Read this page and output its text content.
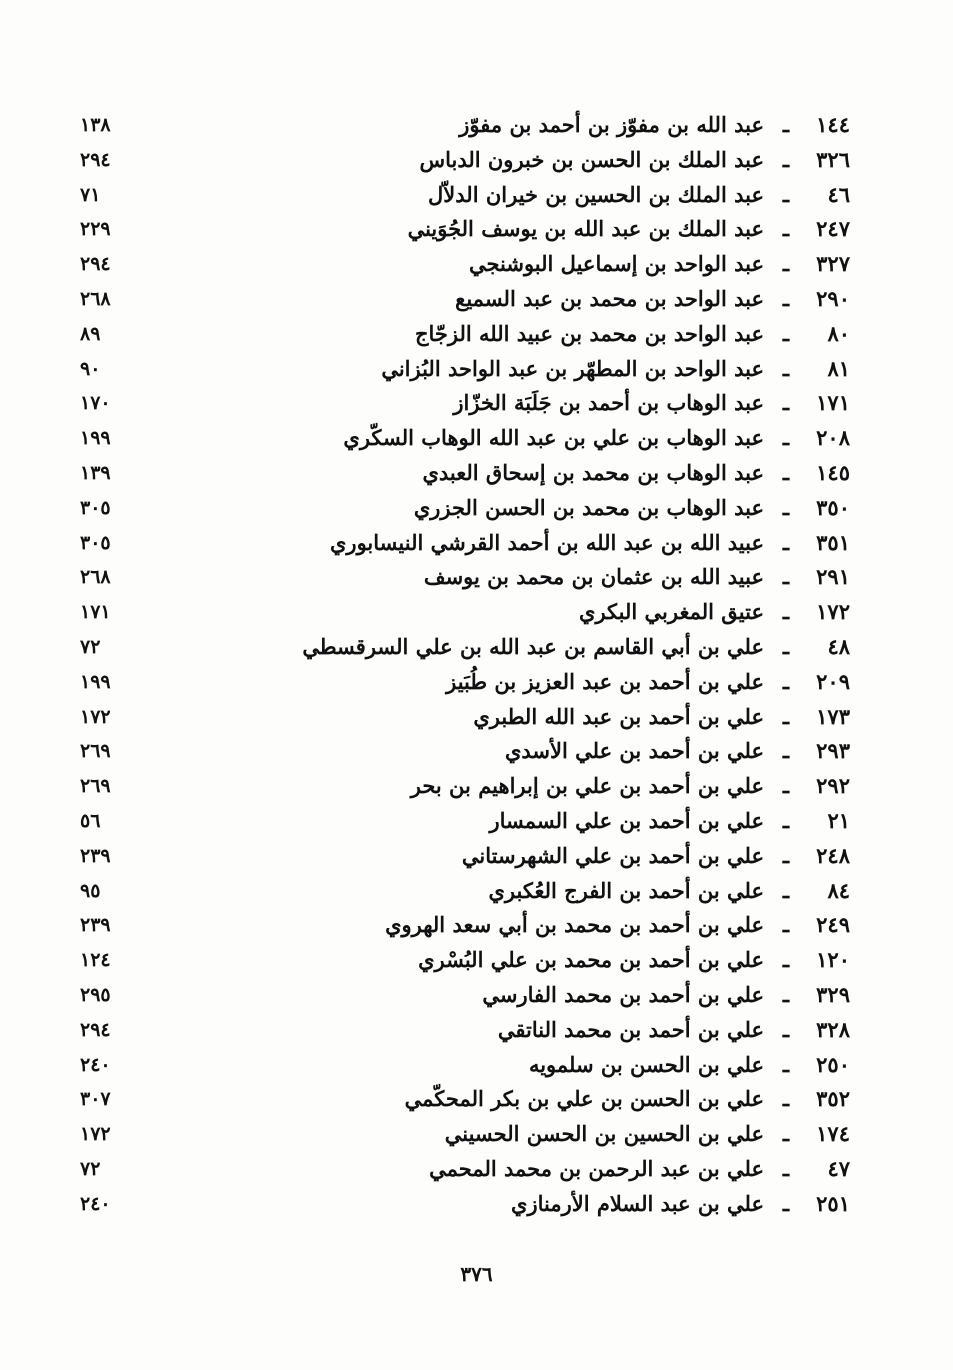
١٤٤
ـ
عبد الله بن مفوّز بن أحمد بن مفوّز
١٣٨
٣٢٦
ـ
عبد الملك بن الحسن بن خبرون الدباس
٢٩٤
٤٦
ـ
عبد الملك بن الحسين بن خيران الدلاّل
٧١
٢٤٧
ـ
عبد الملك بن عبد الله بن يوسف الجُوَيني
٢٢٩
٣٢٧
ـ
عبد الواحد بن إسماعيل البوشنجي
٢٩٤
٢٩٠
ـ
عبد الواحد بن محمد بن عبد السميع
٢٦٨
٨٠
ـ
عبد الواحد بن محمد بن عبيد الله الزجّاج
٨٩
٨١
ـ
عبد الواحد بن المطهّر بن عبد الواحد البُزاني
٩٠
١٧١
ـ
عبد الوهاب بن أحمد بن جَلَبَة الخزّاز
١٧٠
٢٠٨
ـ
عبد الوهاب بن علي بن عبد الله الوهاب السكّري
١٩٩
١٤٥
ـ
عبد الوهاب بن محمد بن إسحاق العبدي
١٣٩
٣٥٠
ـ
عبد الوهاب بن محمد بن الحسن الجزري
٣٠٥
٣٥١
ـ
عبيد الله بن عبد الله بن أحمد القرشي النيسابوري
٣٠٥
٢٩١
ـ
عبيد الله بن عثمان بن محمد بن يوسف
٢٦٨
١٧٢
ـ
عتيق المغربي البكري
١٧١
٤٨
ـ
علي بن أبي القاسم بن عبد الله بن علي السرقسطي
٧٢
٢٠٩
ـ
علي بن أحمد بن عبد العزيز بن طُبَيز
١٩٩
١٧٣
ـ
علي بن أحمد بن عبد الله الطبري
١٧٢
٢٩٣
ـ
علي بن أحمد بن علي الأسدي
٢٦٩
٢٩٢
ـ
علي بن أحمد بن علي بن إبراهيم بن بحر
٢٦٩
٢١
ـ
علي بن أحمد بن علي السمسار
٥٦
٢٤٨
ـ
علي بن أحمد بن علي الشهرستاني
٢٣٩
٨٤
ـ
علي بن أحمد بن الفرج العُكبري
٩٥
٢٤٩
ـ
علي بن أحمد بن محمد بن أبي سعد الهروي
٢٣٩
١٢٠
ـ
علي بن أحمد بن محمد بن علي البُسْري
١٢٤
٣٢٩
ـ
علي بن أحمد بن محمد الفارسي
٢٩٥
٣٢٨
ـ
علي بن أحمد بن محمد الناتقي
٢٩٤
٢٥٠
ـ
علي بن الحسن بن سلمويه
٢٤٠
٣٥٢
ـ
علي بن الحسن بن علي بن بكر المحكّمي
٣٠٧
١٧٤
ـ
علي بن الحسين بن الحسن الحسيني
١٧٢
٤٧
ـ
علي بن عبد الرحمن بن محمد المحمي
٧٢
٢٥١
ـ
علي بن عبد السلام الأرمنازي
٢٤٠
٣٧٦
